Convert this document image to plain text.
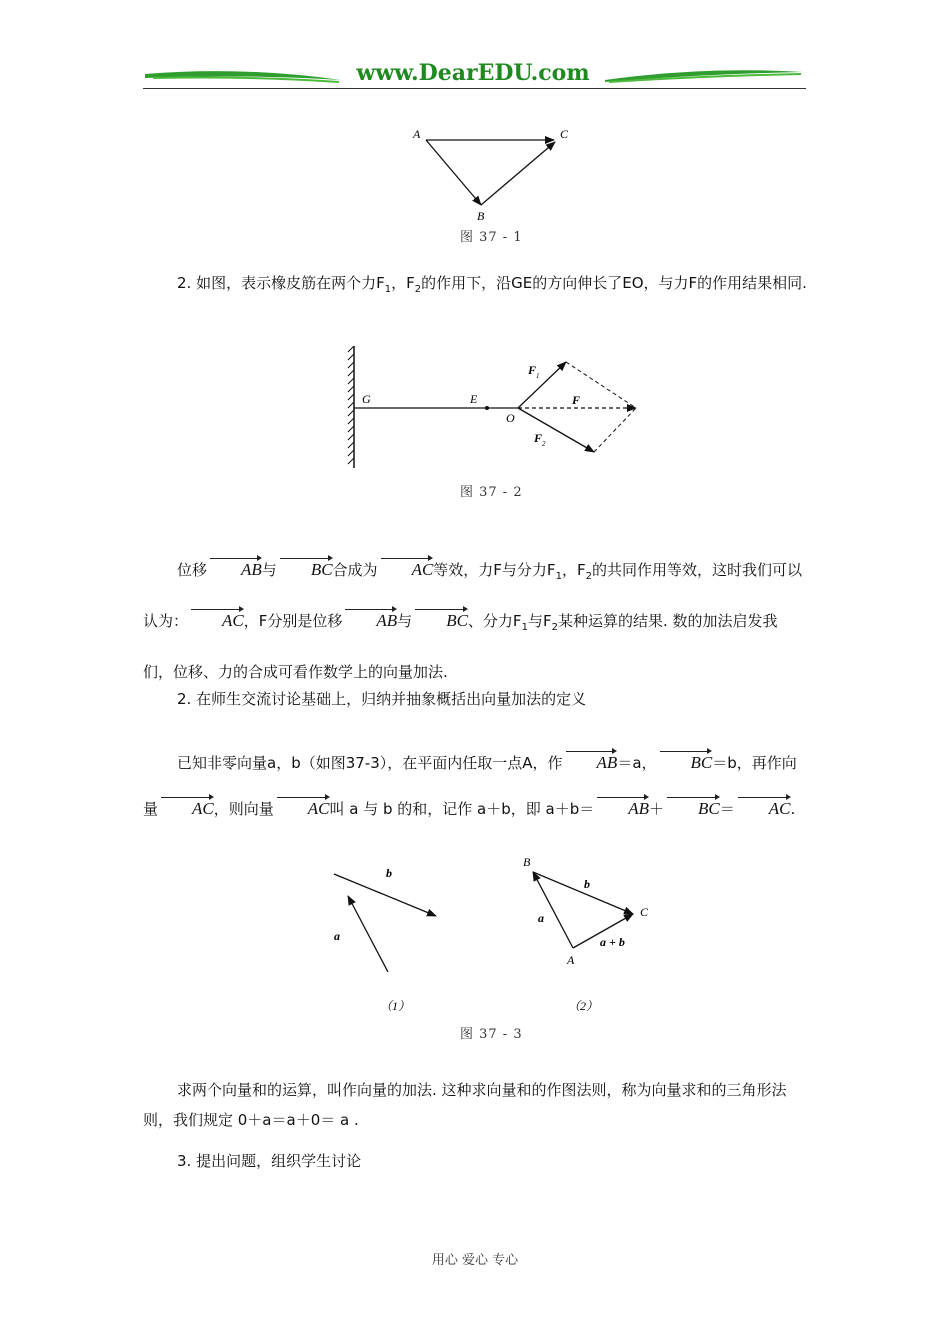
www.DearEDU.com
A	C
B
图 37 - 1
2. 如图，表示橡皮筋在两个力$F_1$，$F_2$的作用下，沿GE的方向伸长了EO，与力F的作用结果相同.
G	E
O
F
F 1
F 2
图 37 - 2
位移 AB与 BC合成为 AC等效，力F与分力$F_1$，$F_2$的共同作用等效，这时我们可以认为： AC，F分别是位移 AB与 BC、分力$F_1$与$F_2$某种运算的结果. 数的加法启发我们，位移、力的合成可看作数学上的向量加法.
2. 在师生交流讨论基础上，归纳并抽象概括出向量加法的定义
已知非零向量a，b（如图37-3），在平面内任取一点A，作 AB＝a， BC＝b，再作向量 AC，则向量 AC叫 a 与 b 的和，记作 a＋b，即 a＋b＝ AB＋ BC＝ AC.
b
a
B
C
A
b
a
a + b
（1）	（2）
图 37 - 3
求两个向量和的运算，叫作向量的加法. 这种求向量和的作图法则，称为向量求和的三角形法则，我们规定 0＋a＝a＋0＝ a .
3. 提出问题，组织学生讨论
用心 爱心 专心
